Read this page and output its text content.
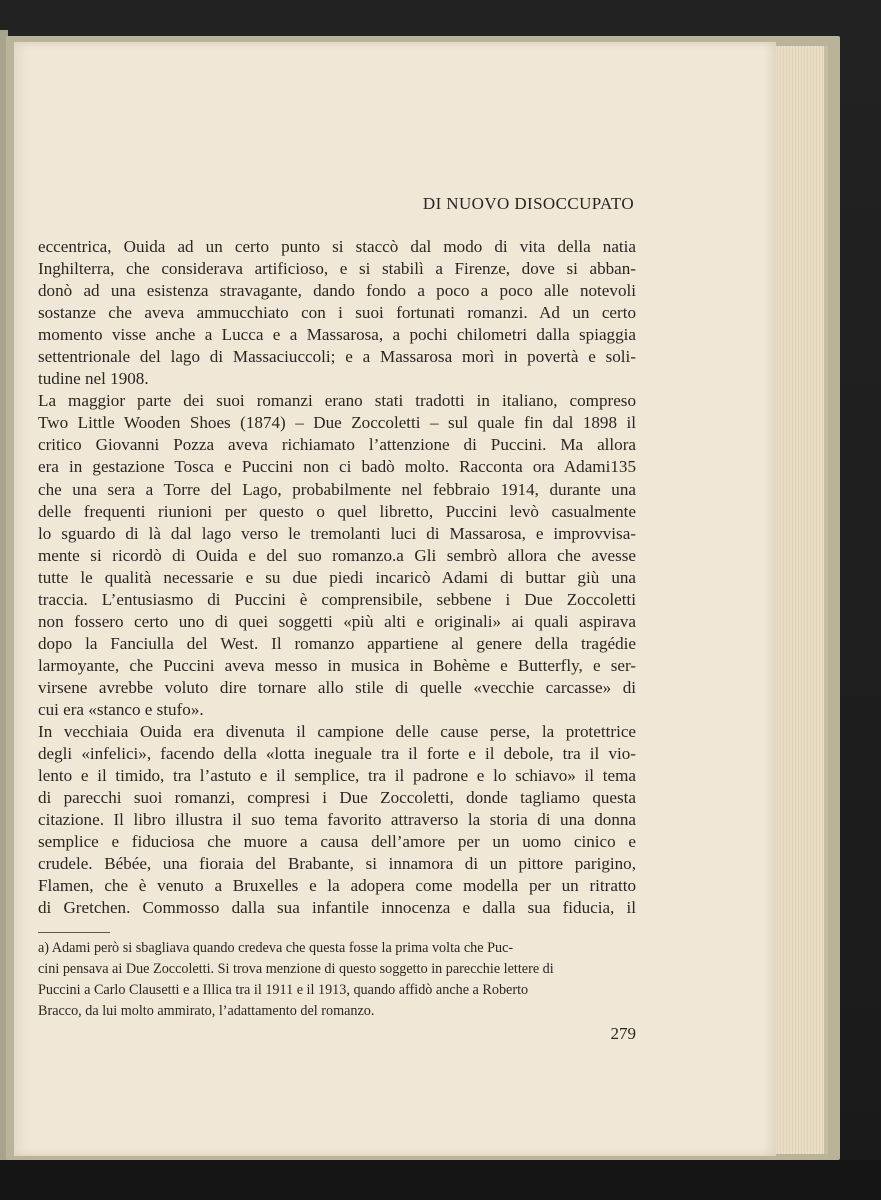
DI NUOVO DISOCCUPATO
eccentrica, Ouida ad un certo punto si staccò dal modo di vita della natia
Inghilterra, che considerava artificioso, e si stabilì a Firenze, dove si abban-
donò ad una esistenza stravagante, dando fondo a poco a poco alle notevoli
sostanze che aveva ammucchiato con i suoi fortunati romanzi. Ad un certo
momento visse anche a Lucca e a Massarosa, a pochi chilometri dalla spiaggia
settentrionale del lago di Massaciuccoli; e a Massarosa morì in povertà e soli-
tudine nel 1908.
La maggior parte dei suoi romanzi erano stati tradotti in italiano, compreso
Two Little Wooden Shoes (1874) – Due Zoccoletti – sul quale fin dal 1898 il
critico Giovanni Pozza aveva richiamato l’attenzione di Puccini. Ma allora
era in gestazione Tosca e Puccini non ci badò molto. Racconta ora Adami135
che una sera a Torre del Lago, probabilmente nel febbraio 1914, durante una
delle frequenti riunioni per questo o quel libretto, Puccini levò casualmente
lo sguardo di là dal lago verso le tremolanti luci di Massarosa, e improvvisa-
mente si ricordò di Ouida e del suo romanzo.a Gli sembrò allora che avesse
tutte le qualità necessarie e su due piedi incaricò Adami di buttar giù una
traccia. L’entusiasmo di Puccini è comprensibile, sebbene i Due Zoccoletti
non fossero certo uno di quei soggetti «più alti e originali» ai quali aspirava
dopo la Fanciulla del West. Il romanzo appartiene al genere della tragédie
larmoyante, che Puccini aveva messo in musica in Bohème e Butterfly, e ser-
virsene avrebbe voluto dire tornare allo stile di quelle «vecchie carcasse» di
cui era «stanco e stufo».
In vecchiaia Ouida era divenuta il campione delle cause perse, la protettrice
degli «infelici», facendo della «lotta ineguale tra il forte e il debole, tra il vio-
lento e il timido, tra l’astuto e il semplice, tra il padrone e lo schiavo» il tema
di parecchi suoi romanzi, compresi i Due Zoccoletti, donde tagliamo questa
citazione. Il libro illustra il suo tema favorito attraverso la storia di una donna
semplice e fiduciosa che muore a causa dell’amore per un uomo cinico e
crudele. Bébée, una fioraia del Brabante, si innamora di un pittore parigino,
Flamen, che è venuto a Bruxelles e la adopera come modella per un ritratto
di Gretchen. Commosso dalla sua infantile innocenza e dalla sua fiducia, il
a) Adami però si sbagliava quando credeva che questa fosse la prima volta che Puc-
cini pensava ai Due Zoccoletti. Si trova menzione di questo soggetto in parecchie lettere di
Puccini a Carlo Clausetti e a Illica tra il 1911 e il 1913, quando affidò anche a Roberto
Bracco, da lui molto ammirato, l’adattamento del romanzo.
279
